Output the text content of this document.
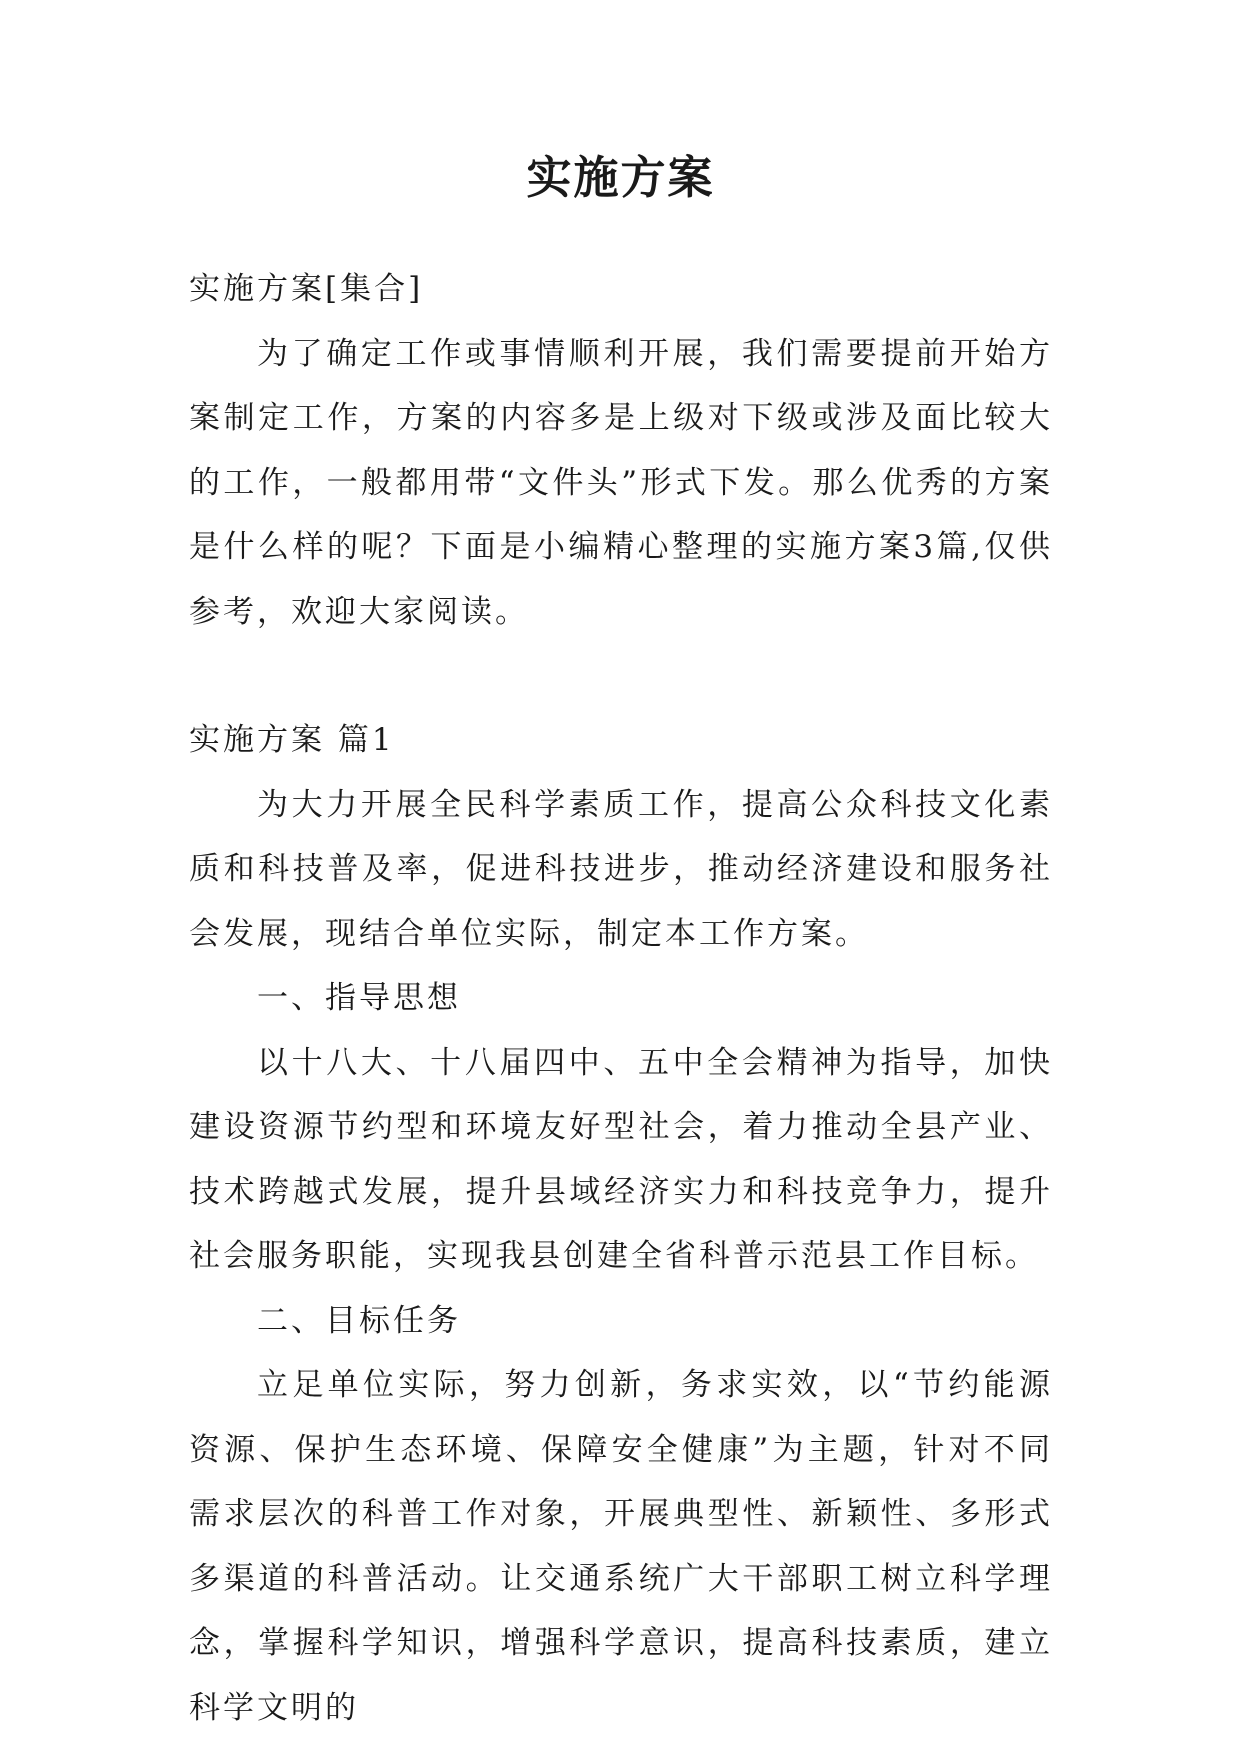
实施方案

实施方案[集合]

为了确定工作或事情顺利开展，我们需要提前开始方案制定工作，方案的内容多是上级对下级或涉及面比较大的工作，一般都用带“文件头”形式下发。那么优秀的方案是什么样的呢？下面是小编精心整理的实施方案3篇,仅供参考，欢迎大家阅读。

实施方案 篇1

为大力开展全民科学素质工作，提高公众科技文化素质和科技普及率，促进科技进步，推动经济建设和服务社会发展，现结合单位实际，制定本工作方案。

一、指导思想

以十八大、十八届四中、五中全会精神为指导，加快建设资源节约型和环境友好型社会，着力推动全县产业、技术跨越式发展，提升县域经济实力和科技竞争力，提升社会服务职能，实现我县创建全省科普示范县工作目标。

二、目标任务

立足单位实际，努力创新，务求实效，以“节约能源资源、保护生态环境、保障安全健康”为主题，针对不同需求层次的科普工作对象，开展典型性、新颖性、多形式多渠道的科普活动。让交通系统广大干部职工树立科学理念，掌握科学知识，增强科学意识，提高科技素质，建立科学文明的
